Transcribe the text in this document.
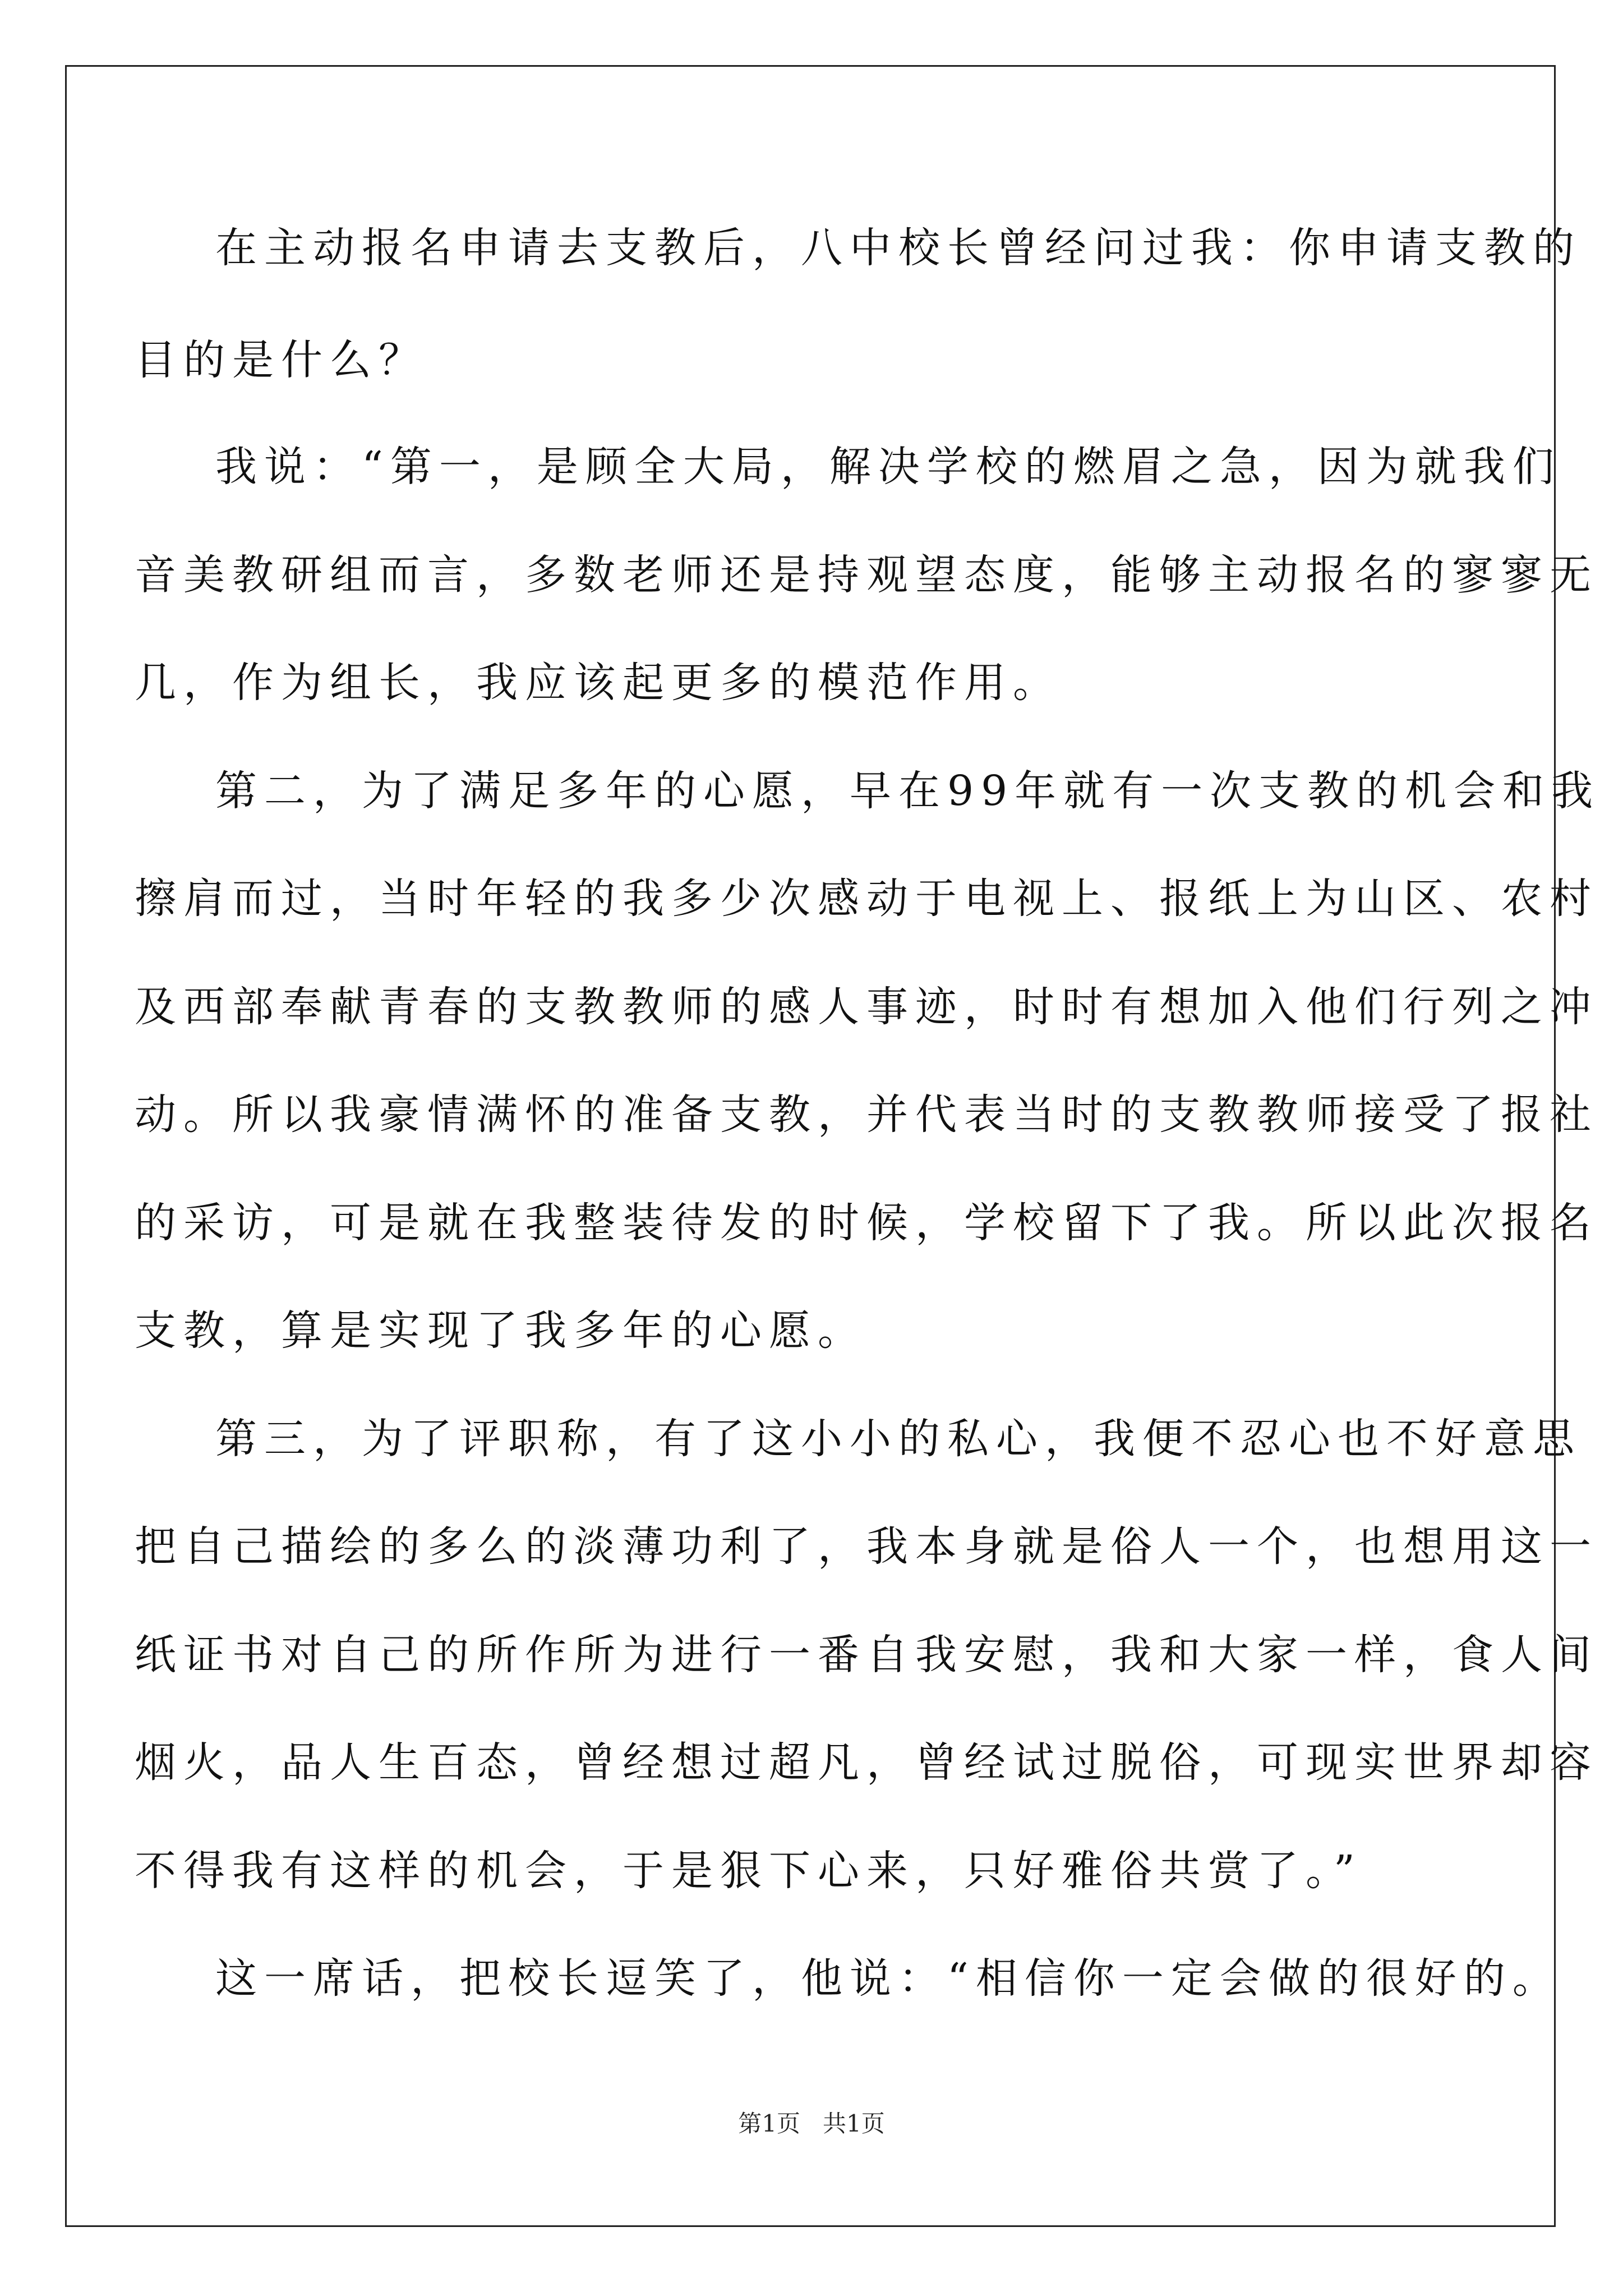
在主动报名申请去支教后，八中校长曾经问过我：你申请支教的
目的是什么？
我说：“第一，是顾全大局，解决学校的燃眉之急，因为就我们
音美教研组而言，多数老师还是持观望态度，能够主动报名的寥寥无
几，作为组长，我应该起更多的模范作用。
第二，为了满足多年的心愿，早在99年就有一次支教的机会和我
擦肩而过，当时年轻的我多少次感动于电视上、报纸上为山区、农村
及西部奉献青春的支教教师的感人事迹，时时有想加入他们行列之冲
动。所以我豪情满怀的准备支教，并代表当时的支教教师接受了报社
的采访，可是就在我整装待发的时候，学校留下了我。所以此次报名
支教，算是实现了我多年的心愿。
第三，为了评职称，有了这小小的私心，我便不忍心也不好意思
把自己描绘的多么的淡薄功利了，我本身就是俗人一个，也想用这一
纸证书对自己的所作所为进行一番自我安慰，我和大家一样，食人间
烟火，品人生百态，曾经想过超凡，曾经试过脱俗，可现实世界却容
不得我有这样的机会，于是狠下心来，只好雅俗共赏了。”
这一席话，把校长逗笑了，他说：“相信你一定会做的很好的。
第1页   共1页
